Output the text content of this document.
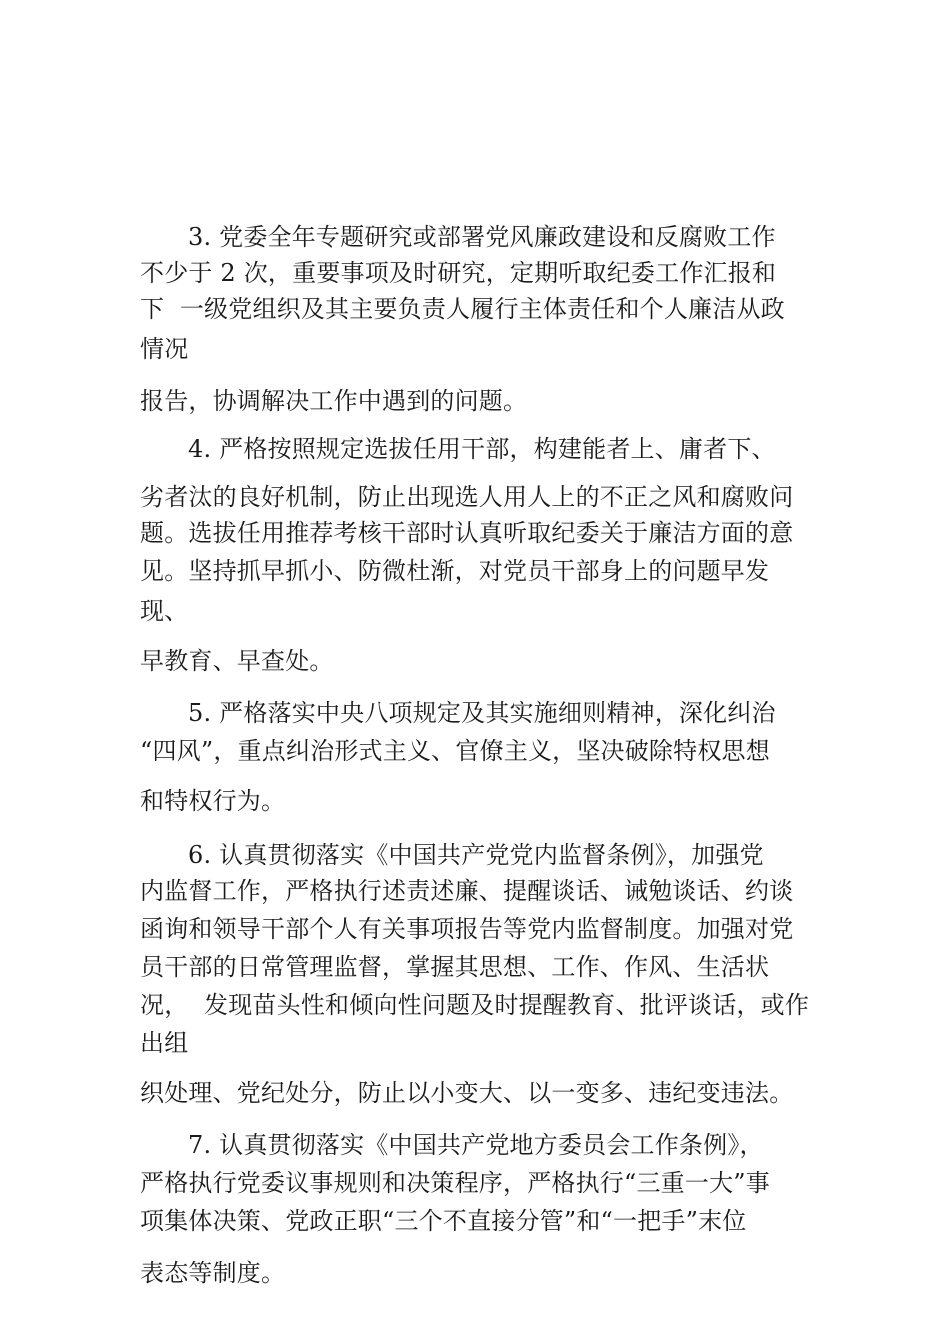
3. 党委全年专题研究或部署党风廉政建设和反腐败工作
不少于 2 次，重要事项及时研究，定期听取纪委工作汇报和
下  一级党组织及其主要负责人履行主体责任和个人廉洁从政
情况
报告，协调解决工作中遇到的问题。
4. 严格按照规定选拔任用干部，构建能者上、庸者下、
劣者汰的良好机制，防止出现选人用人上的不正之风和腐败问
题。选拔任用推荐考核干部时认真听取纪委关于廉洁方面的意
见。坚持抓早抓小、防微杜渐，对党员干部身上的问题早发
现、
早教育、早查处。
5. 严格落实中央八项规定及其实施细则精神，深化纠治
“四风”，重点纠治形式主义、官僚主义，坚决破除特权思想
和特权行为。
6. 认真贯彻落实《中国共产党党内监督条例》，加强党
内监督工作，严格执行述责述廉、提醒谈话、诫勉谈话、约谈
函询和领导干部个人有关事项报告等党内监督制度。加强对党
员干部的日常管理监督，掌握其思想、工作、作风、生活状
况，  发现苗头性和倾向性问题及时提醒教育、批评谈话，或作
出组
织处理、党纪处分，防止以小变大、以一变多、违纪变违法。
7. 认真贯彻落实《中国共产党地方委员会工作条例》，
严格执行党委议事规则和决策程序，严格执行“三重一大”事
项集体决策、党政正职“三个不直接分管”和“一把手”末位
表态等制度。
